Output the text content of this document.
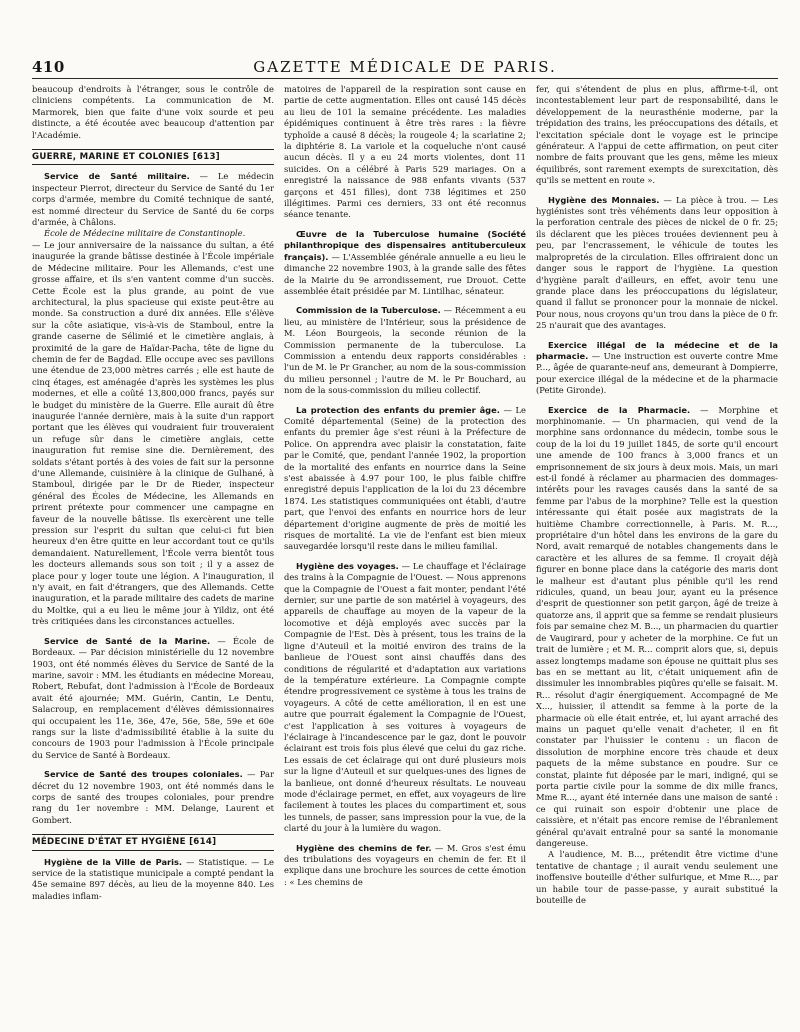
410	GAZETTE MÉDICALE DE PARIS.

beaucoup d'endroits à l'étranger, sous le contrôle de cliniciens compétents. La communication de M. Marmorek, bien que faite d'une voix sourde et peu distincte, a été écoutée avec beaucoup d'attention par l'Académie.

GUERRE, MARINE ET COLONIES [613]

Service de Santé militaire. — Le médecin inspecteur Pierrot, directeur du Service de Santé du 1er corps d'armée, membre du Comité technique de santé, est nommé directeur du Service de Santé du 6e corps d'armée, à Châlons.

École de Médecine militaire de Constantinople.

— Le jour anniversaire de la naissance du sultan, a été inaugurée la grande bâtisse destinée à l'École impériale de Médecine militaire. Pour les Allemands, c'est une grosse affaire, et ils s'en vantent comme d'un succès. Cette École est la plus grande, au point de vue architectural, la plus spacieuse qui existe peut-être au monde. Sa construction a duré dix années. Elle s'élève sur la côte asiatique, vis-à-vis de Stamboul, entre la grande caserne de Sélimié et le cimetière anglais, à proximité de la gare de Haïdar-Pacha, tête de ligne du chemin de fer de Bagdad. Elle occupe avec ses pavillons une étendue de 23,000 mètres carrés ; elle est haute de cinq étages, est aménagée d'après les systèmes les plus modernes, et elle a coûté 13,800,000 francs, payés sur le budget du ministère de la Guerre. Elle aurait dû être inaugurée l'année dernière, mais à la suite d'un rapport portant que les élèves qui voudraient fuir trouveraient un refuge sûr dans le cimetière anglais, cette inauguration fut remise sine die. Dernièrement, des soldats s'étant portés à des voies de fait sur la personne d'une Allemande, cuisinière à la clinique de Gulhané, à Stamboul, dirigée par le Dr de Rieder, inspecteur général des Écoles de Médecine, les Allemands en prirent prétexte pour commencer une campagne en faveur de la nouvelle bâtisse. Ils exercèrent une telle pression sur l'esprit du sultan que celui-ci fut bien heureux d'en être quitte en leur accordant tout ce qu'ils demandaient. Naturellement, l'École verra bientôt tous les docteurs allemands sous son toit ; il y a assez de place pour y loger toute une légion. A l'inauguration, il n'y avait, en fait d'étrangers, que des Allemands. Cette inauguration, et la parade militaire des cadets de marine du Moltke, qui a eu lieu le même jour à Yildiz, ont été très critiquées dans les circonstances actuelles.

Service de Santé de la Marine. — École de Bordeaux. — Par décision ministérielle du 12 novembre 1903, ont été nommés élèves du Service de Santé de la marine, savoir : MM. les étudiants en médecine Moreau, Robert, Rebufat, dont l'admission à l'École de Bordeaux avait été ajournée; MM. Guérin, Cantin, Le Dentu, Salacroup, en remplacement d'élèves démissionnaires qui occupaient les 11e, 36e, 47e, 56e, 58e, 59e et 60e rangs sur la liste d'admissibilité établie à la suite du concours de 1903 pour l'admission à l'École principale du Service de Santé à Bordeaux.

Service de Santé des troupes coloniales. — Par décret du 12 novembre 1903, ont été nommés dans le corps de santé des troupes coloniales, pour prendre rang du 1er novembre : MM. Delange, Laurent et Gombert.

MÉDECINE D'ÉTAT ET HYGIÈNE [614]

Hygiène de la Ville de Paris. — Statistique. — Le service de la statistique municipale a compté pendant la 45e semaine 897 décès, au lieu de la moyenne 840. Les maladies inflam-

matoires de l'appareil de la respiration sont cause en partie de cette augmentation. Elles ont causé 145 décès au lieu de 101 la semaine précédente. Les maladies épidémiques continuent à être très rares : la fièvre typhoïde a causé 8 décès; la rougeole 4; la scarlatine 2; la diphtérie 8. La variole et la coqueluche n'ont causé aucun décès. Il y a eu 24 morts violentes, dont 11 suicides. On a célébré à Paris 529 mariages. On a enregistré la naissance de 988 enfants vivants (537 garçons et 451 filles), dont 738 légitimes et 250 illégitimes. Parmi ces derniers, 33 ont été reconnus séance tenante.

Œuvre de la Tuberculose humaine (Société philanthropique des dispensaires antituberculeux français). — L'Assemblée générale annuelle a eu lieu le dimanche 22 novembre 1903, à la grande salle des fêtes de la Mairie du 9e arrondissement, rue Drouot. Cette assemblée était présidée par M. Lintilhac, sénateur.

Commission de la Tuberculose. — Récemment a eu lieu, au ministère de l'Intérieur, sous la présidence de M. Léon Bourgeois, la seconde réunion de la Commission permanente de la tuberculose. La Commission a entendu deux rapports considérables : l'un de M. le Pr Grancher, au nom de la sous-commission du milieu personnel ; l'autre de M. le Pr Bouchard, au nom de la sous-commission du milieu collectif.

La protection des enfants du premier âge. — Le Comité départemental (Seine) de la protection des enfants du premier âge s'est réuni à la Préfecture de Police. On apprendra avec plaisir la constatation, faite par le Comité, que, pendant l'année 1902, la proportion de la mortalité des enfants en nourrice dans la Seine s'est abaissée à 4.97 pour 100, le plus faible chiffre enregistré depuis l'application de la loi du 23 décembre 1874. Les statistiques communiquées ont établi, d'autre part, que l'envoi des enfants en nourrice hors de leur département d'origine augmente de près de moitié les risques de mortalité. La vie de l'enfant est bien mieux sauvegardée lorsqu'il reste dans le milieu familial.

Hygiène des voyages. — Le chauffage et l'éclairage des trains à la Compagnie de l'Ouest. — Nous apprenons que la Compagnie de l'Ouest a fait monter, pendant l'été dernier, sur une partie de son matériel à voyageurs, des appareils de chauffage au moyen de la vapeur de la locomotive et déjà employés avec succès par la Compagnie de l'Est. Dès à présent, tous les trains de la ligne d'Auteuil et la moitié environ des trains de la banlieue de l'Ouest sont ainsi chauffés dans des conditions de régularité et d'adaptation aux variations de la température extérieure. La Compagnie compte étendre progressivement ce système à tous les trains de voyageurs. A côté de cette amélioration, il en est une autre que pourrait également la Compagnie de l'Ouest, c'est l'application à ses voitures à voyageurs de l'éclairage à l'incandescence par le gaz, dont le pouvoir éclairant est trois fois plus élevé que celui du gaz riche. Les essais de cet éclairage qui ont duré plusieurs mois sur la ligne d'Auteuil et sur quelques-unes des lignes de la banlieue, ont donné d'heureux résultats. Le nouveau mode d'éclairage permet, en effet, aux voyageurs de lire facilement à toutes les places du compartiment et, sous les tunnels, de passer, sans impression pour la vue, de la clarté du jour à la lumière du wagon.

Hygiène des chemins de fer. — M. Gros s'est ému des tribulations des voyageurs en chemin de fer. Et il explique dans une brochure les sources de cette émotion : « Les chemins de

fer, qui s'étendent de plus en plus, affirme-t-il, ont incontestablement leur part de responsabilité, dans le développement de la neurasthénie moderne, par la trépidation des trains, les préoccupations des détails, et l'excitation spéciale dont le voyage est le principe générateur. A l'appui de cette affirmation, on peut citer nombre de faits prouvant que les gens, même les mieux équilibrés, sont rarement exempts de surexcitation, dès qu'ils se mettent en route ».

Hygiène des Monnaies. — La pièce à trou. — Les hygiénistes sont très véhéments dans leur opposition à la perforation centrale des pièces de nickel de 0 fr. 25; ils déclarent que les pièces trouées deviennent peu à peu, par l'encrassement, le véhicule de toutes les malpropretés de la circulation. Elles offriraient donc un danger sous le rapport de l'hygiène. La question d'hygiène paraît d'ailleurs, en effet, avoir tenu une grande place dans les préoccupations du législateur, quand il fallut se prononcer pour la monnaie de nickel. Pour nous, nous croyons qu'un trou dans la pièce de 0 fr. 25 n'aurait que des avantages.

Exercice illégal de la médecine et de la pharmacie. — Une instruction est ouverte contre Mme P..., âgée de quarante-neuf ans, demeurant à Dompierre, pour exercice illégal de la médecine et de la pharmacie (Petite Gironde).

Exercice de la Pharmacie. — Morphine et morphinomanie. — Un pharmacien, qui vend de la morphine sans ordonnance du médecin, tombe sous le coup de la loi du 19 juillet 1845, de sorte qu'il encourt une amende de 100 francs à 3,000 francs et un emprisonnement de six jours à deux mois. Mais, un mari est-il fondé à réclamer au pharmacien des dommages-intérêts pour les ravages causés dans la santé de sa femme par l'abus de la morphine? Telle est la question intéressante qui était posée aux magistrats de la huitième Chambre correctionnelle, à Paris. M. R..., propriétaire d'un hôtel dans les environs de la gare du Nord, avait remarqué de notables changements dans le caractère et les allures de sa femme. Il croyait déjà figurer en bonne place dans la catégorie des maris dont le malheur est d'autant plus pénible qu'il les rend ridicules, quand, un beau jour, ayant eu la présence d'esprit de questionner son petit garçon, âgé de treize à quatorze ans, il apprit que sa femme se rendait plusieurs fois par semaine chez M. B..., un pharmacien du quartier de Vaugirard, pour y acheter de la morphine. Ce fut un trait de lumière ; et M. R... comprit alors que, si, depuis assez longtemps madame son épouse ne quittait plus ses bas en se mettant au lit, c'était uniquement afin de dissimuler les innombrables piqûres qu'elle se faisait. M. R... résolut d'agir énergiquement. Accompagné de Me X..., huissier, il attendit sa femme à la porte de la pharmacie où elle était entrée, et, lui ayant arraché des mains un paquet qu'elle venait d'acheter, il en fit constater par l'huissier le contenu : un flacon de dissolution de morphine encore très chaude et deux paquets de la même substance en poudre. Sur ce constat, plainte fut déposée par le mari, indigné, qui se porta partie civile pour la somme de dix mille francs, Mme R..., ayant été internée dans une maison de santé : ce qui ruinait son espoir d'obtenir une place de caissière, et n'était pas encore remise de l'ébranlement général qu'avait entraîné pour sa santé la monomanie dangereuse.

A l'audience, M. B..., prétendit être victime d'une tentative de chantage ; il aurait vendu seulement une inoffensive bouteille d'éther sulfurique, et Mme R..., par un habile tour de passe-passe, y aurait substitué la bouteille de
